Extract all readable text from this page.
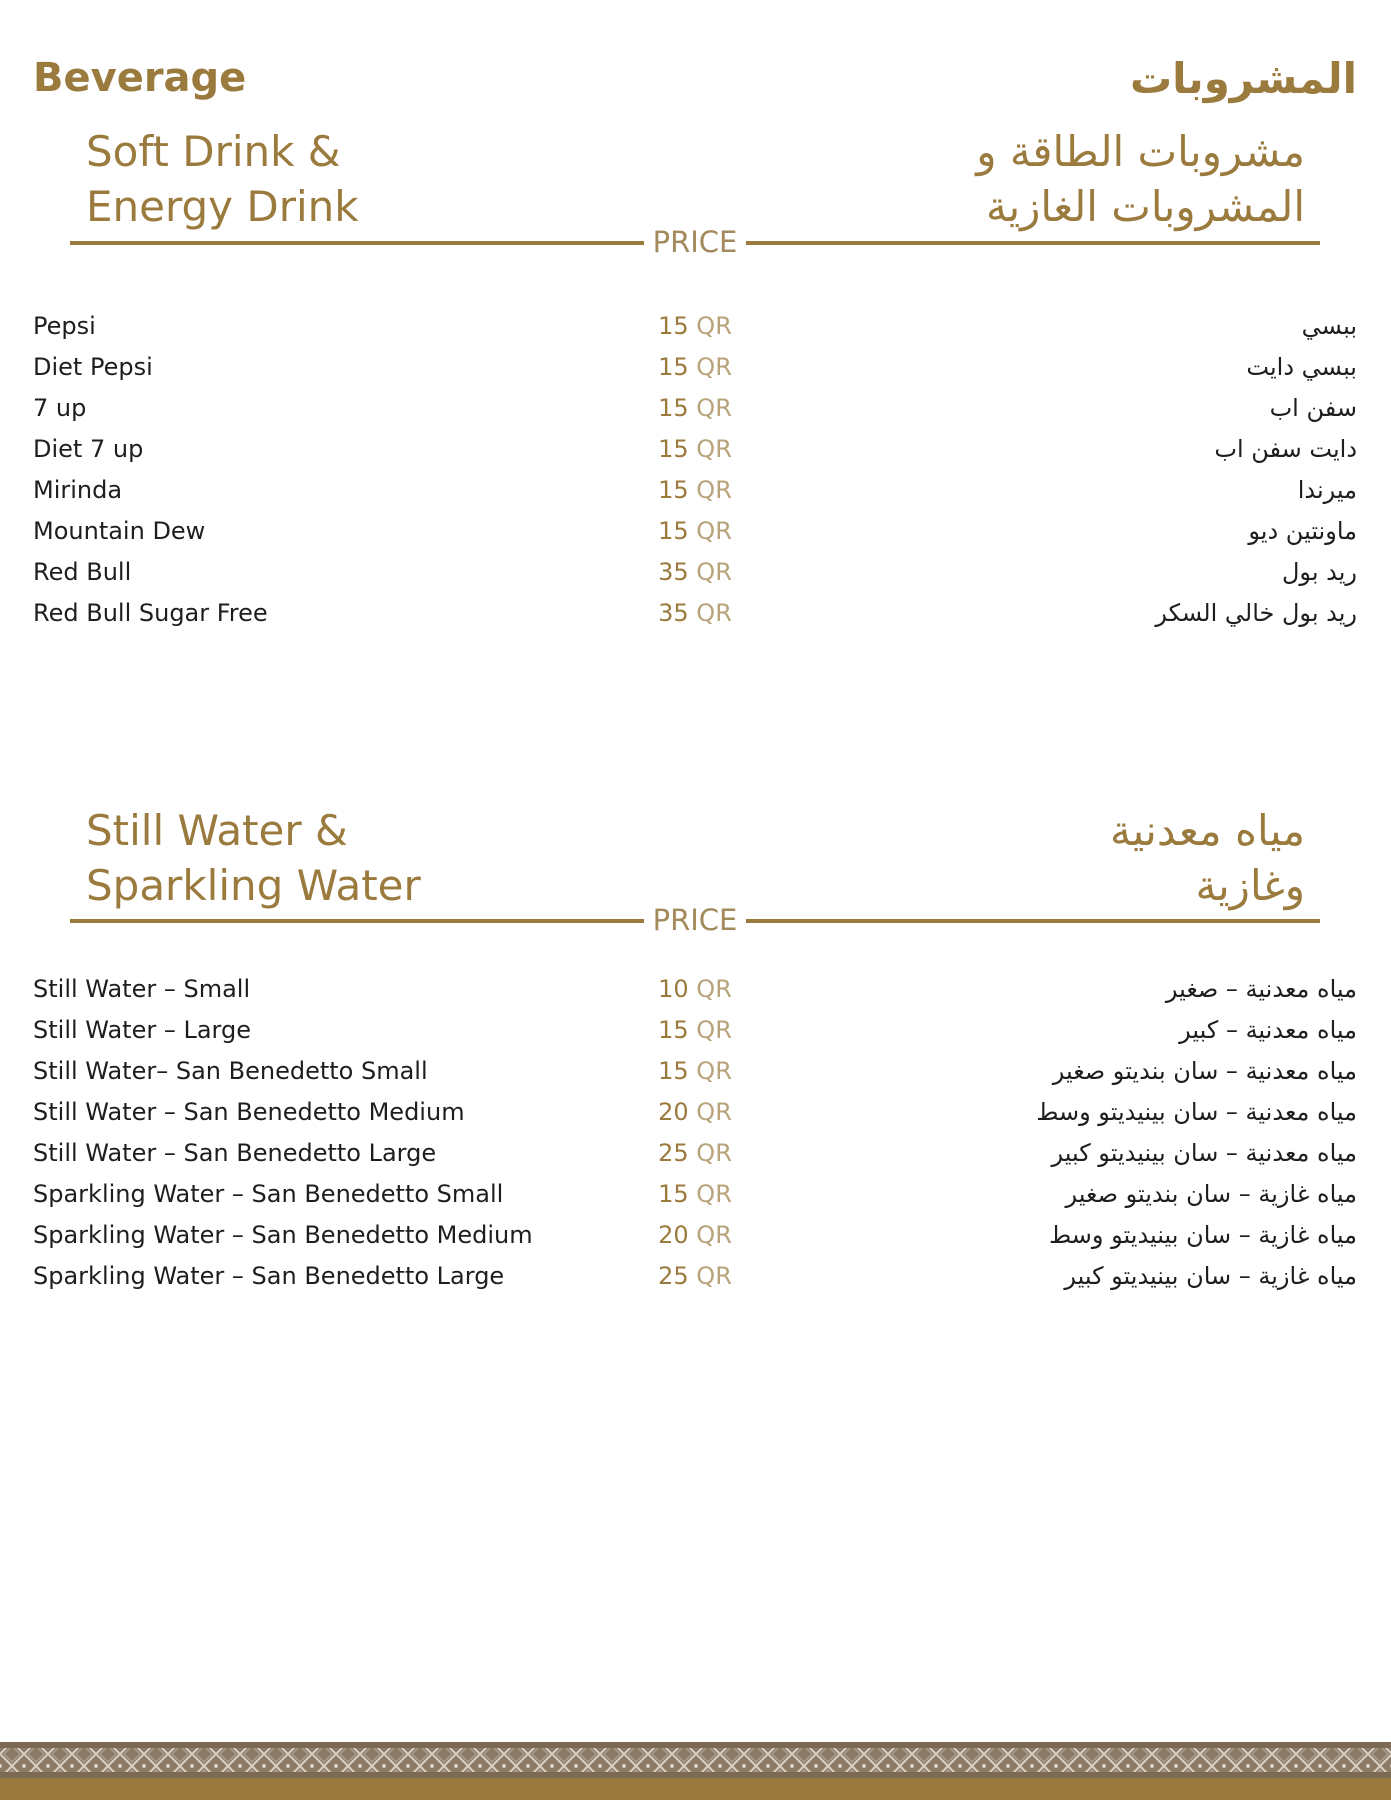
Beverage	المشروبات
Soft Drink &
Energy Drink
مشروبات الطاقة و
المشروبات الغازية
PRICE
Pepsi	15 QR	ببسي
Diet Pepsi	15 QR	ببسي دايت
7 up	15 QR	سفن اب
Diet 7 up	15 QR	دايت سفن اب
Mirinda	15 QR	ميرندا
Mountain Dew	15 QR	ماونتين ديو
Red Bull	35 QR	ريد بول
Red Bull Sugar Free	35 QR	ريد بول خالي السكر
Still Water &
Sparkling Water
مياه معدنية
وغازية
PRICE
Still Water – Small	10 QR	مياه معدنية – صغير
Still Water – Large	15 QR	مياه معدنية – كبير
Still Water– San Benedetto Small	15 QR	مياه معدنية – سان بنديتو صغير
Still Water – San Benedetto Medium	20 QR	مياه معدنية – سان بينيديتو وسط
Still Water – San Benedetto Large	25 QR	مياه معدنية – سان بينيديتو كبير
Sparkling Water – San Benedetto Small	15 QR	مياه غازية – سان بنديتو صغير
Sparkling Water – San Benedetto Medium	20 QR	مياه غازية – سان بينيديتو وسط
Sparkling Water – San Benedetto Large	25 QR	مياه غازية – سان بينيديتو كبير
